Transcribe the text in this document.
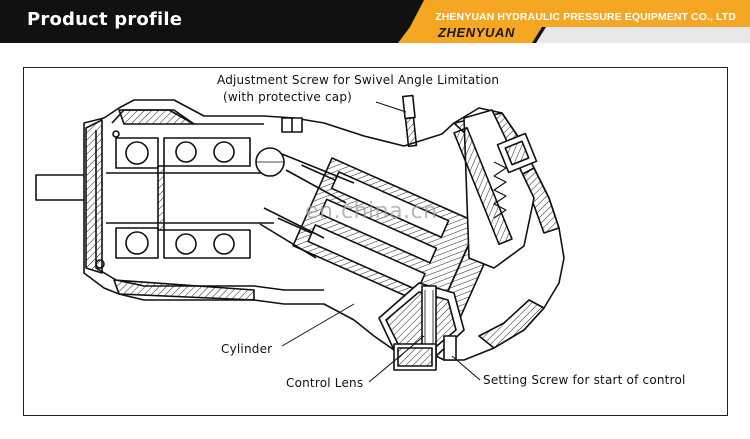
Product profile	ZHENYUAN HYDRAULIC PRESSURE EQUIPMENT CO., LTD
ZHENYUAN
Adjustment Screw for Swivel Angle Limitation
(with protective cap)
Cylinder
Control Lens	Setting Screw for start of control
en.china.cn
